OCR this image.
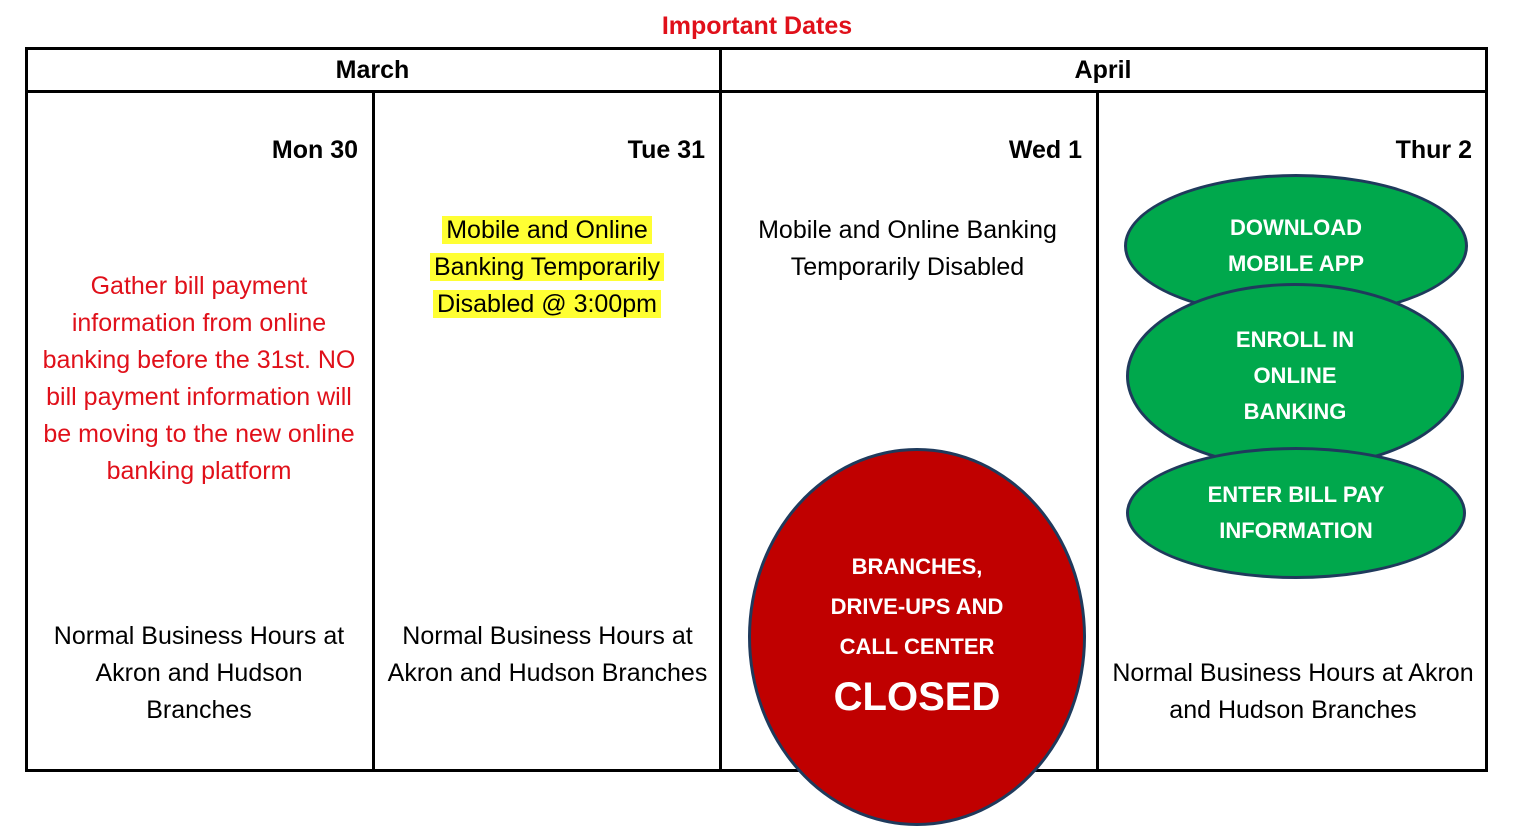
Important Dates
March	April
Mon 30
Gather bill payment information from online banking before the 31st. NO bill payment information will be moving to the new online banking platform
Normal Business Hours at Akron and Hudson Branches
Tue 31
Mobile and Online
Banking Temporarily
Disabled @ 3:00pm
Normal Business Hours at Akron and Hudson Branches
Wed 1
Mobile and Online Banking Temporarily Disabled
BRANCHES,
DRIVE-UPS AND
CALL CENTER
CLOSED
Thur 2
DOWNLOAD
MOBILE APP
ENROLL IN
ONLINE
BANKING
ENTER BILL PAY
INFORMATION
Normal Business Hours at Akron and Hudson Branches
